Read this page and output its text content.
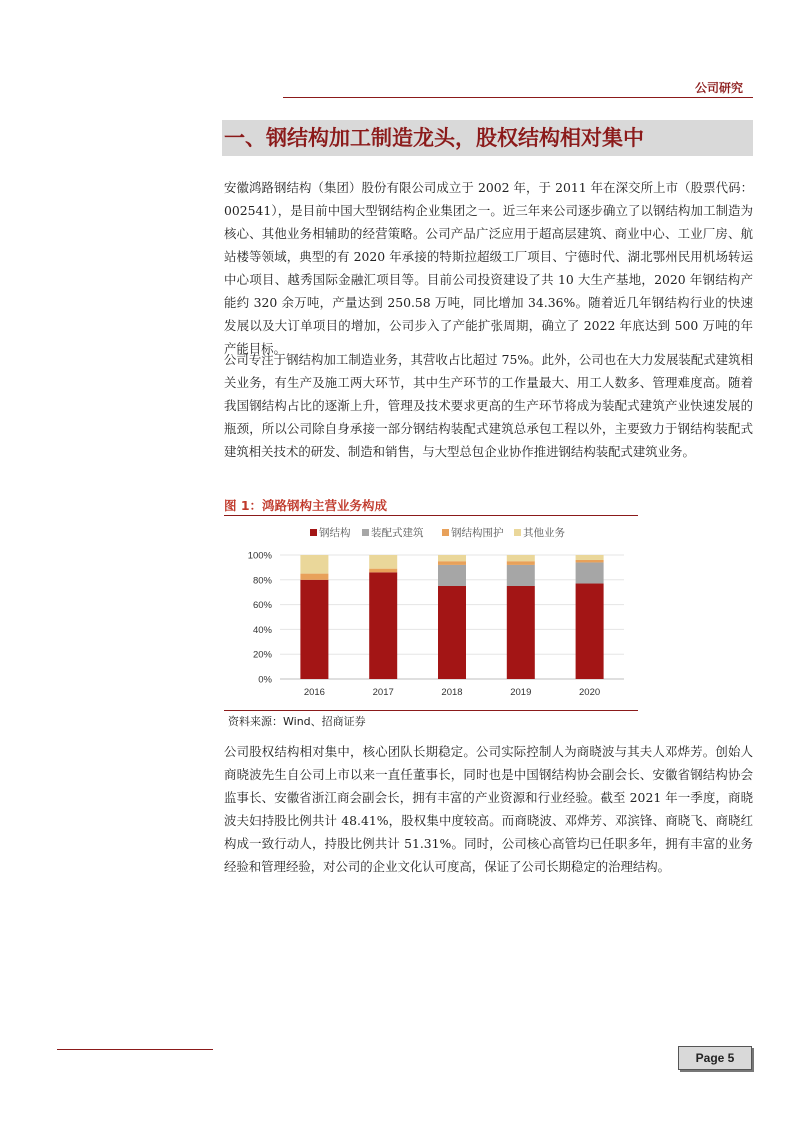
公司研究
一、钢结构加工制造龙头，股权结构相对集中

安徽鸿路钢结构（集团）股份有限公司成立于 2002 年，于 2011 年在深交所上市（股票代码：002541），是目前中国大型钢结构企业集团之一。近三年来公司逐步确立了以钢结构加工制造为核心、其他业务相辅助的经营策略。公司产品广泛应用于超高层建筑、商业中心、工业厂房、航站楼等领域，典型的有 2020 年承接的特斯拉超级工厂项目、宁德时代、湖北鄂州民用机场转运中心项目、越秀国际金融汇项目等。目前公司投资建设了共 10 大生产基地，2020 年钢结构产能约 320 余万吨，产量达到 250.58 万吨，同比增加 34.36%。随着近几年钢结构行业的快速发展以及大订单项目的增加，公司步入了产能扩张周期，确立了 2022 年底达到 500 万吨的年产能目标。

公司专注于钢结构加工制造业务，其营收占比超过 75%。此外，公司也在大力发展装配式建筑相关业务，有生产及施工两大环节，其中生产环节的工作量最大、用工人数多、管理难度高。随着我国钢结构占比的逐渐上升，管理及技术要求更高的生产环节将成为装配式建筑产业快速发展的瓶颈，所以公司除自身承接一部分钢结构装配式建筑总承包工程以外，主要致力于钢结构装配式建筑相关技术的研发、制造和销售，与大型总包企业协作推进钢结构装配式建筑业务。

图 1：鸿路钢构主营业务构成
钢结构 装配式建筑	钢结构围护 其他业务
0%
20%
40%
60%
80%
100%
2016	2017	2018	2019	2020
资料来源：Wind、招商证券

公司股权结构相对集中，核心团队长期稳定。公司实际控制人为商晓波与其夫人邓烨芳。创始人商晓波先生自公司上市以来一直任董事长，同时也是中国钢结构协会副会长、安徽省钢结构协会监事长、安徽省浙江商会副会长，拥有丰富的产业资源和行业经验。截至 2021 年一季度，商晓波夫妇持股比例共计 48.41%，股权集中度较高。而商晓波、邓烨芳、邓滨锋、商晓飞、商晓红构成一致行动人，持股比例共计 51.31%。同时，公司核心高管均已任职多年，拥有丰富的业务经验和管理经验，对公司的企业文化认可度高，保证了公司长期稳定的治理结构。

Page 5
